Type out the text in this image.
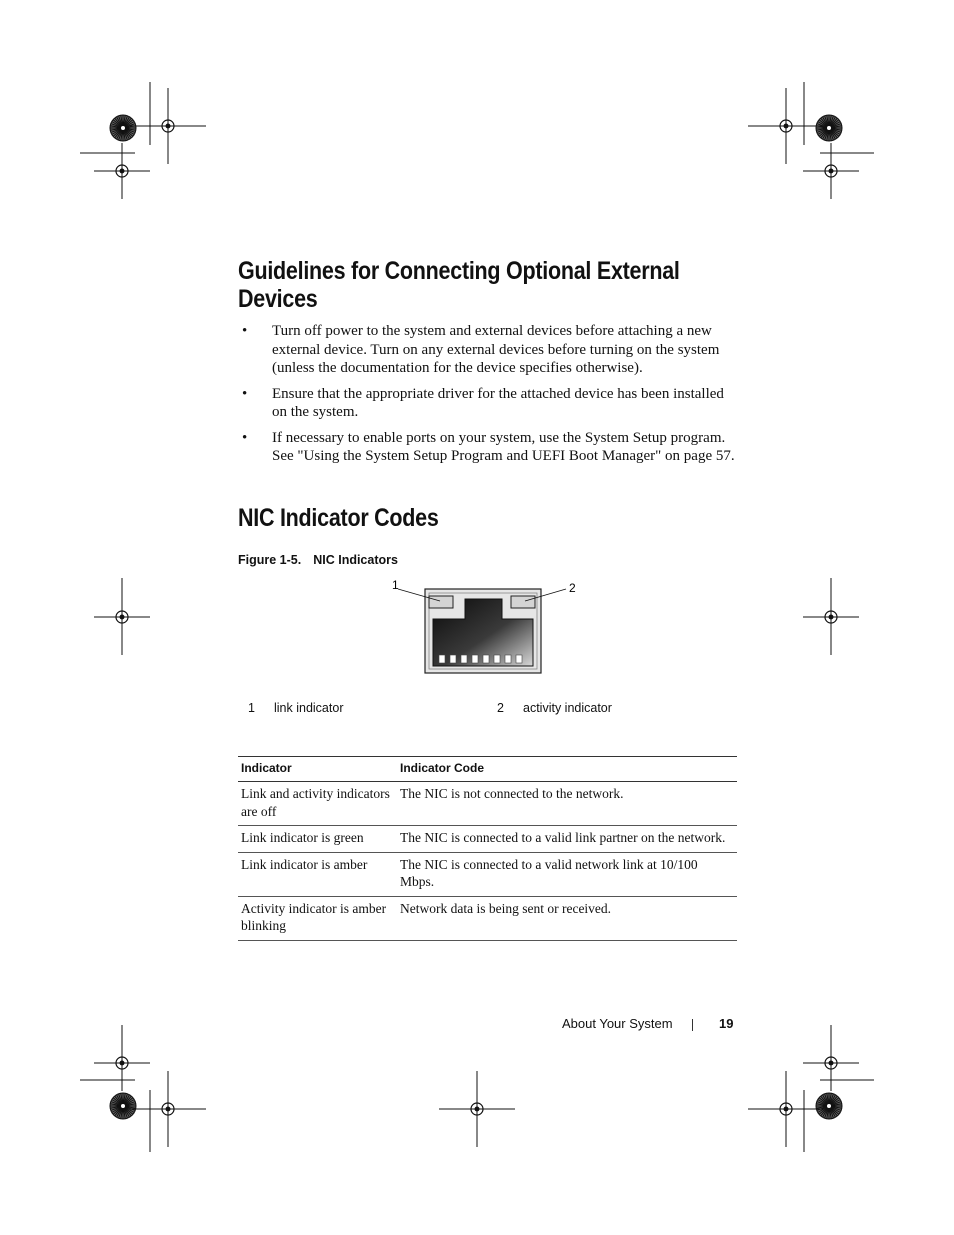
Guidelines for Connecting Optional External Devices
• Turn off power to the system and external devices before attaching a new external device. Turn on any external devices before turning on the system (unless the documentation for the device specifies otherwise).
• Ensure that the appropriate driver for the attached device has been installed on the system.
• If necessary to enable ports on your system, use the System Setup program. See "Using the System Setup Program and UEFI Boot Manager" on page 57.
NIC Indicator Codes
Figure 1-5. NIC Indicators
1	2
1 link indicator	2 activity indicator
Indicator	Indicator Code
Link and activity indicators are off	The NIC is not connected to the network.
Link indicator is green	The NIC is connected to a valid link partner on the network.
Link indicator is amber	The NIC is connected to a valid network link at 10/100 Mbps.
Activity indicator is amber blinking	Network data is being sent or received.
About Your System	19
